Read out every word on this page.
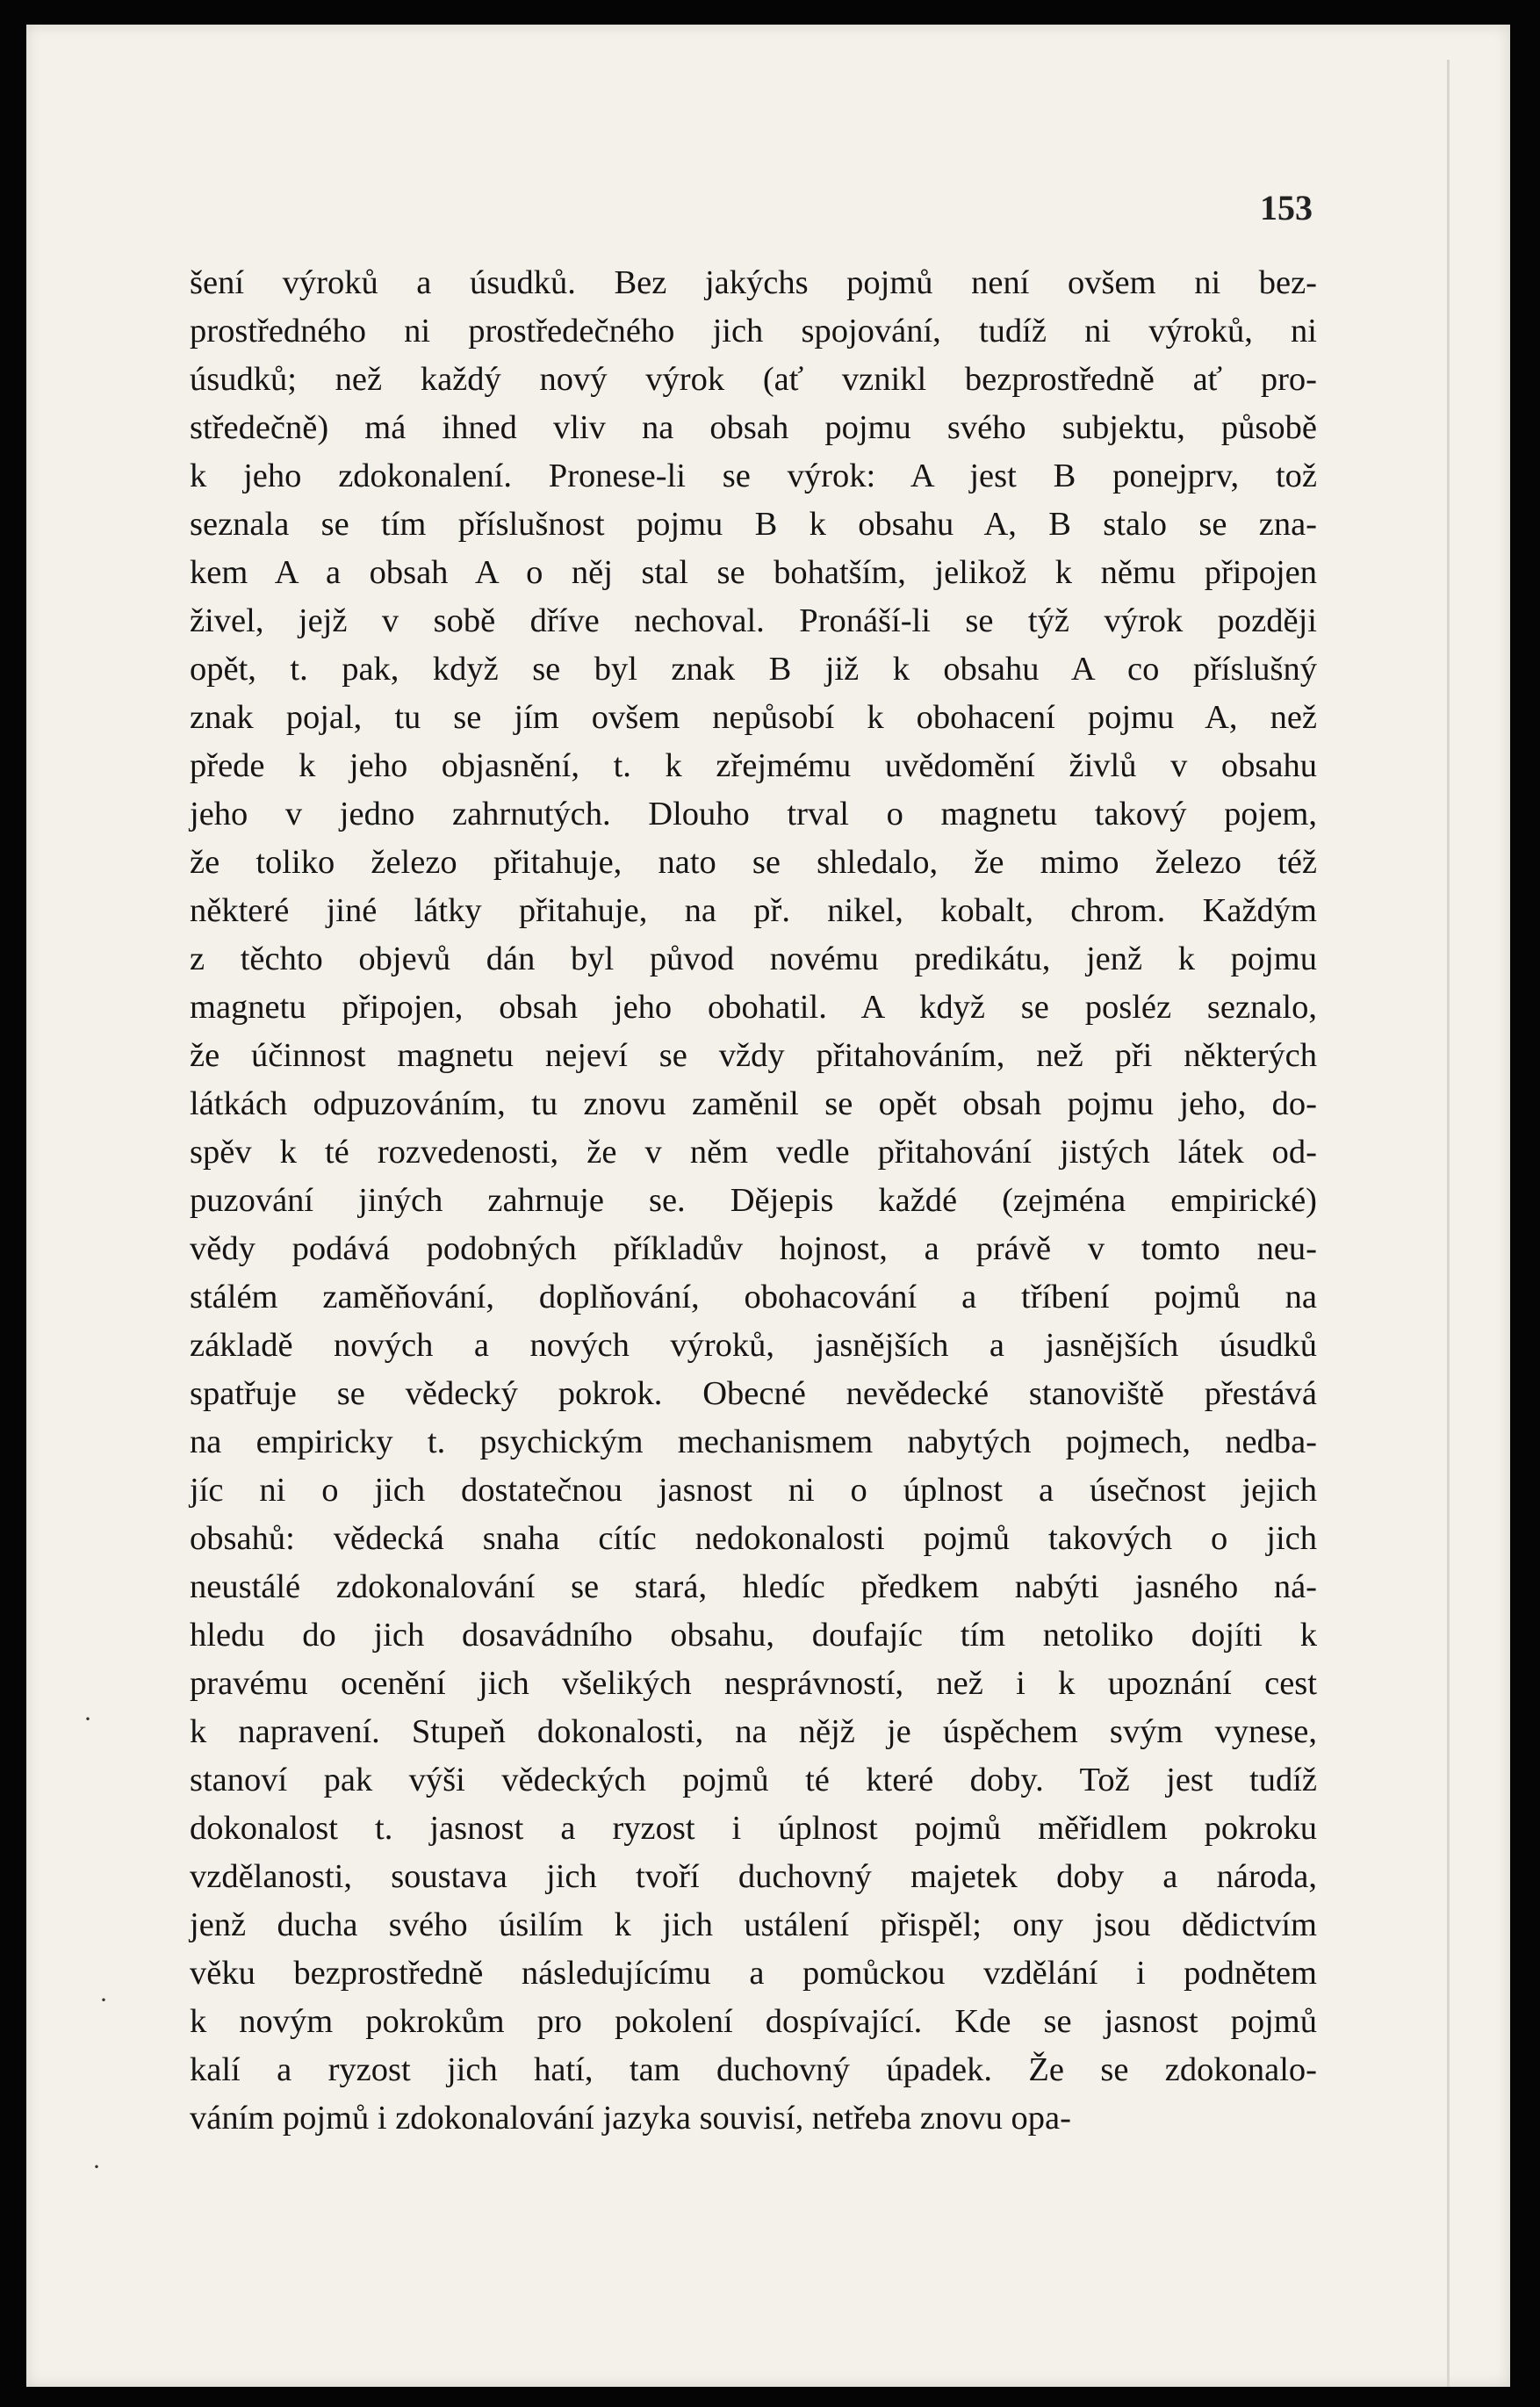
153
šení výroků a úsudků. Bez jakýchs pojmů není ovšem ni bez-
prostředného ni prostředečného jich spojování, tudíž ni výroků, ni
úsudků; než každý nový výrok (ať vznikl bezprostředně ať pro-
středečně) má ihned vliv na obsah pojmu svého subjektu, působě
k jeho zdokonalení. Pronese-li se výrok: A jest B ponejprv, tož
seznala se tím příslušnost pojmu B k obsahu A, B stalo se zna-
kem A a obsah A o něj stal se bohatším, jelikož k němu připojen
živel, jejž v sobě dříve nechoval. Pronáší-li se týž výrok později
opět, t. pak, když se byl znak B již k obsahu A co příslušný
znak pojal, tu se jím ovšem nepůsobí k obohacení pojmu A, než
přede k jeho objasnění, t. k zřejmému uvědomění živlů v obsahu
jeho v jedno zahrnutých. Dlouho trval o magnetu takový pojem,
že toliko železo přitahuje, nato se shledalo, že mimo železo též
některé jiné látky přitahuje, na př. nikel, kobalt, chrom. Každým
z těchto objevů dán byl původ novému predikátu, jenž k pojmu
magnetu připojen, obsah jeho obohatil. A když se posléz seznalo,
že účinnost magnetu nejeví se vždy přitahováním, než při některých
látkách odpuzováním, tu znovu zaměnil se opět obsah pojmu jeho, do-
spěv k té rozvedenosti, že v něm vedle přitahování jistých látek od-
puzování jiných zahrnuje se. Dějepis každé (zejména empirické)
vědy podává podobných příkladův hojnost, a právě v tomto neu-
stálém zaměňování, doplňování, obohacování a tříbení pojmů na
základě nových a nových výroků, jasnějších a jasnějších úsudků
spatřuje se vědecký pokrok. Obecné nevědecké stanoviště přestává
na empiricky t. psychickým mechanismem nabytých pojmech, nedba-
jíc ni o jich dostatečnou jasnost ni o úplnost a úsečnost jejich
obsahů: vědecká snaha cítíc nedokonalosti pojmů takových o jich
neustálé zdokonalování se stará, hledíc předkem nabýti jasného ná-
hledu do jich dosavádního obsahu, doufajíc tím netoliko dojíti k
pravému ocenění jich všelikých nesprávností, než i k upoznání cest
k napravení. Stupeň dokonalosti, na nějž je úspěchem svým vynese,
stanoví pak výši vědeckých pojmů té které doby. Tož jest tudíž
dokonalost t. jasnost a ryzost i úplnost pojmů měřidlem pokroku
vzdělanosti, soustava jich tvoří duchovný majetek doby a národa,
jenž ducha svého úsilím k jich ustálení přispěl; ony jsou dědictvím
věku bezprostředně následujícímu a pomůckou vzdělání i podnětem
k novým pokrokům pro pokolení dospívající. Kde se jasnost pojmů
kalí a ryzost jich hatí, tam duchovný úpadek. Že se zdokonalo-
váním pojmů i zdokonalování jazyka souvisí, netřeba znovu opa-
·
·
·
